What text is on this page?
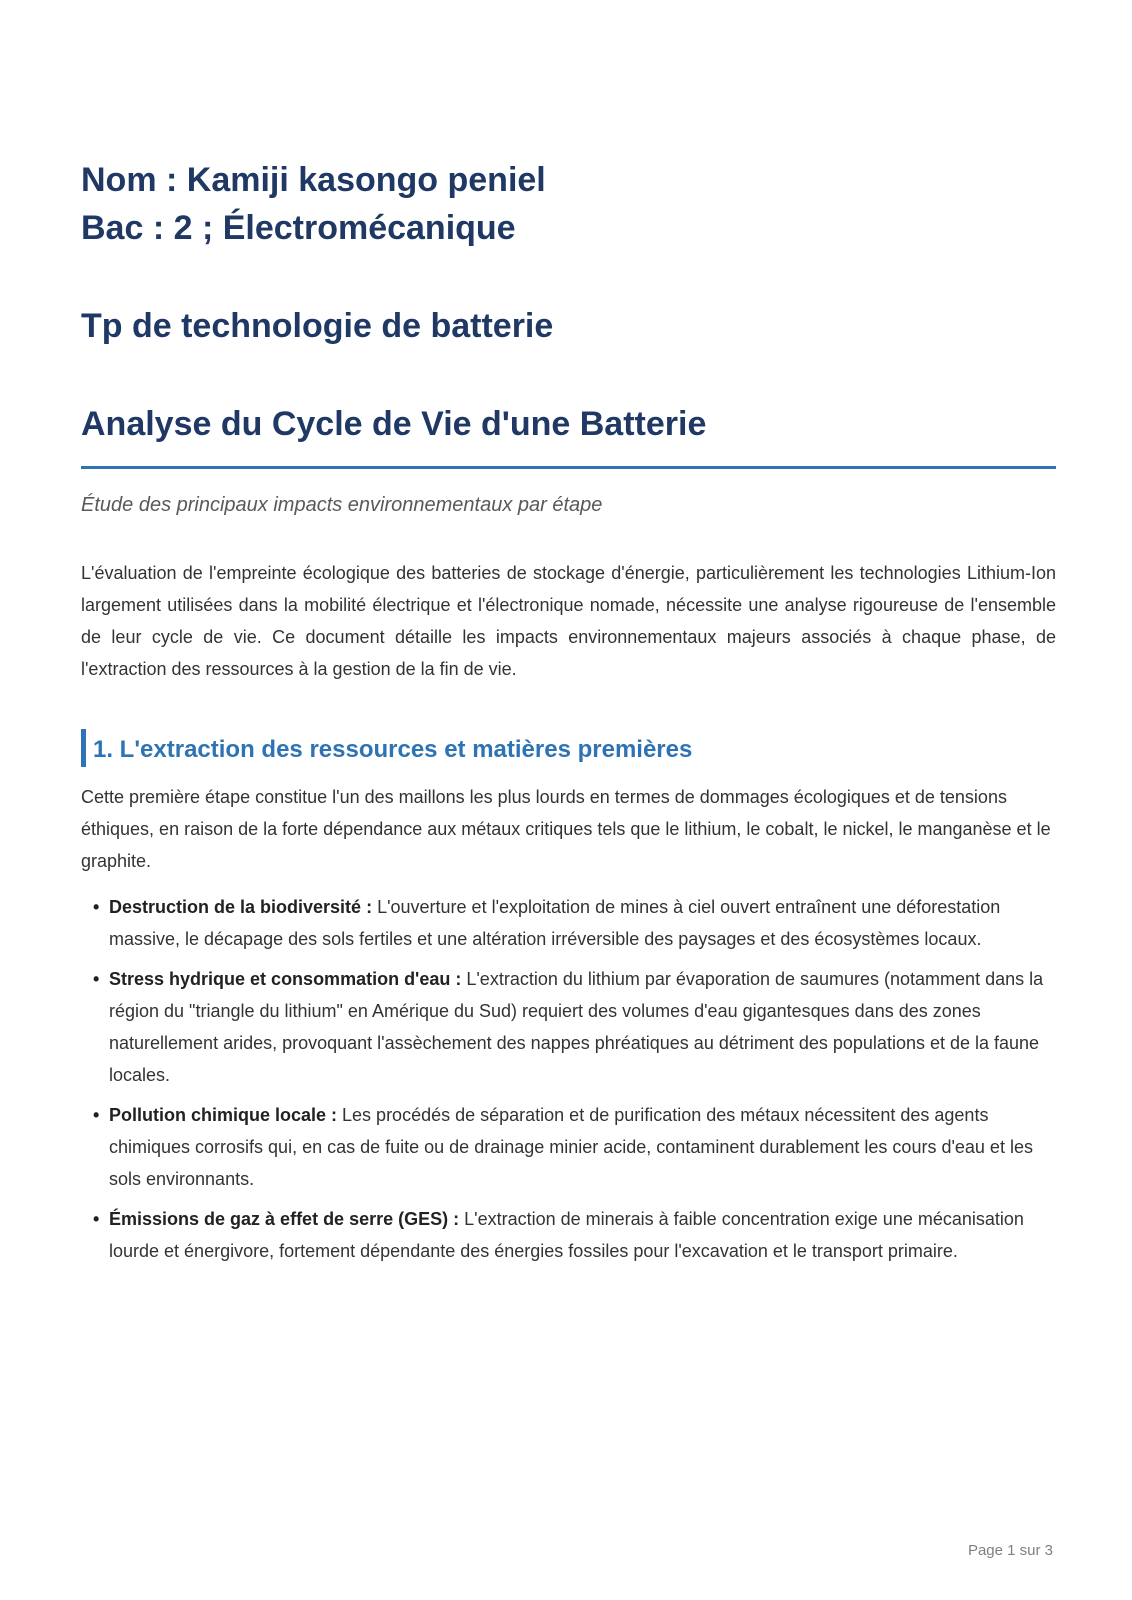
Nom : Kamiji kasongo peniel

Bac : 2 ; Électromécanique

Tp de technologie de batterie

Analyse du Cycle de Vie d'une Batterie

Étude des principaux impacts environnementaux par étape
L'évaluation de l'empreinte écologique des batteries de stockage d'énergie, particulièrement les technologies Lithium-Ion largement utilisées dans la mobilité électrique et l'électronique nomade, nécessite une analyse rigoureuse de l'ensemble de leur cycle de vie. Ce document détaille les impacts environnementaux majeurs associés à chaque phase, de l'extraction des ressources à la gestion de la fin de vie.
1. L'extraction des ressources et matières premières
Cette première étape constitue l'un des maillons les plus lourds en termes de dommages écologiques et de tensions éthiques, en raison de la forte dépendance aux métaux critiques tels que le lithium, le cobalt, le nickel, le manganèse et le graphite.
• Destruction de la biodiversité : L'ouverture et l'exploitation de mines à ciel ouvert entraînent une déforestation massive, le décapage des sols fertiles et une altération irréversible des paysages et des écosystèmes locaux.
• Stress hydrique et consommation d'eau : L'extraction du lithium par évaporation de saumures (notamment dans la région du "triangle du lithium" en Amérique du Sud) requiert des volumes d'eau gigantesques dans des zones naturellement arides, provoquant l'assèchement des nappes phréatiques au détriment des populations et de la faune locales.
• Pollution chimique locale : Les procédés de séparation et de purification des métaux nécessitent des agents chimiques corrosifs qui, en cas de fuite ou de drainage minier acide, contaminent durablement les cours d'eau et les sols environnants.
• Émissions de gaz à effet de serre (GES) : L'extraction de minerais à faible concentration exige une mécanisation lourde et énergivore, fortement dépendante des énergies fossiles pour l'excavation et le transport primaire.
Page 1 sur 3
